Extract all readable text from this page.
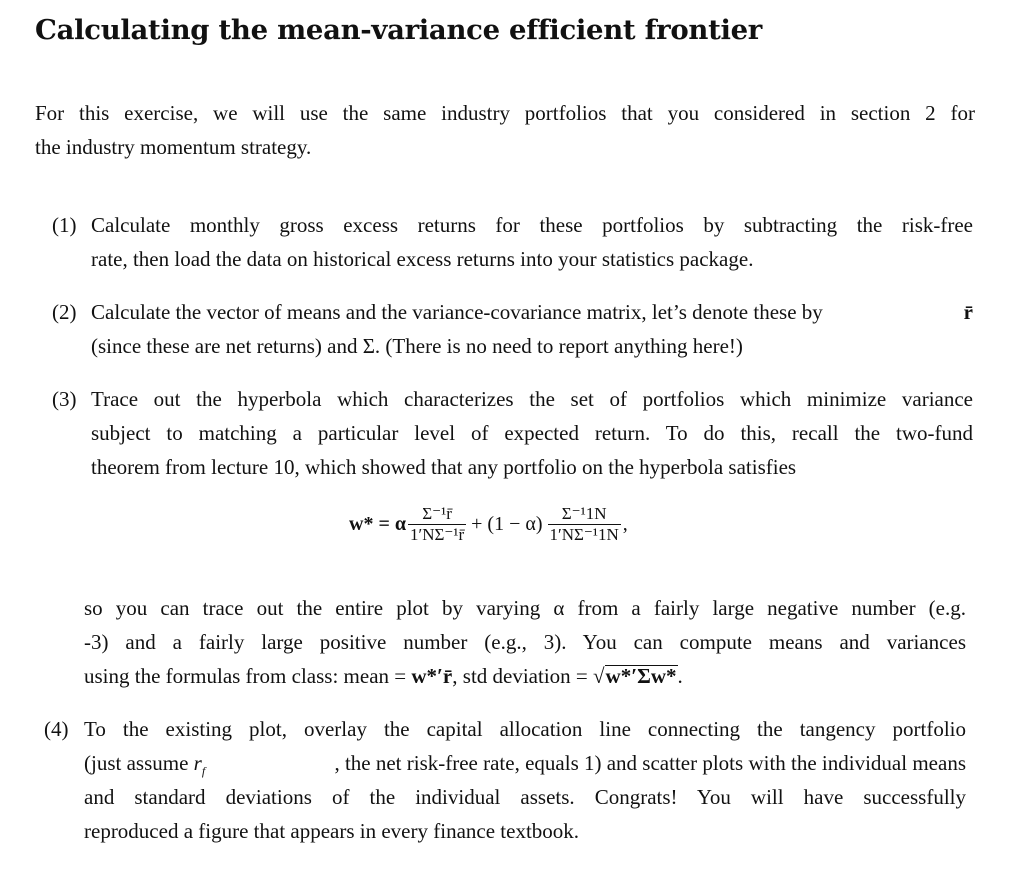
Calculating the mean-variance efficient frontier
For this exercise, we will use the same industry portfolios that you considered in section 2 for
the industry momentum strategy.
(1) Calculate monthly gross excess returns for these portfolios by subtracting the risk-free
rate, then load the data on historical excess returns into your statistics package.
(2) Calculate the vector of means and the variance-covariance matrix, let’s denote these by	r̄
(since these are net returns) and Σ. (There is no need to report anything here!)
(3) Trace out the hyperbola which characterizes the set of portfolios which minimize variance
subject to matching a particular level of expected return. To do this, recall the two-fund
theorem from lecture 10, which showed that any portfolio on the hyperbola satisfies
w* = α $\frac{\text{Σ⁻¹r̄}}{\text{1′NΣ⁻¹r̄}} + (1 - \alpha) \frac{\text{Σ⁻¹1N}}{\text{1′NΣ⁻¹1N}}$ ,
so you can trace out the entire plot by varying α from a fairly large negative number (e.g.
-3) and a fairly large positive number (e.g., 3). You can compute means and variances
using the formulas from class: mean = w*′r̄, std deviation = √w*′Σw*.
(4) To the existing plot, overlay the capital allocation line connecting the tangency portfolio
(just assume $r_f$	, the net risk-free rate, equals 1) and scatter plots with the individual means
and standard deviations of the individual assets. Congrats! You will have successfully
reproduced a figure that appears in every finance textbook.
